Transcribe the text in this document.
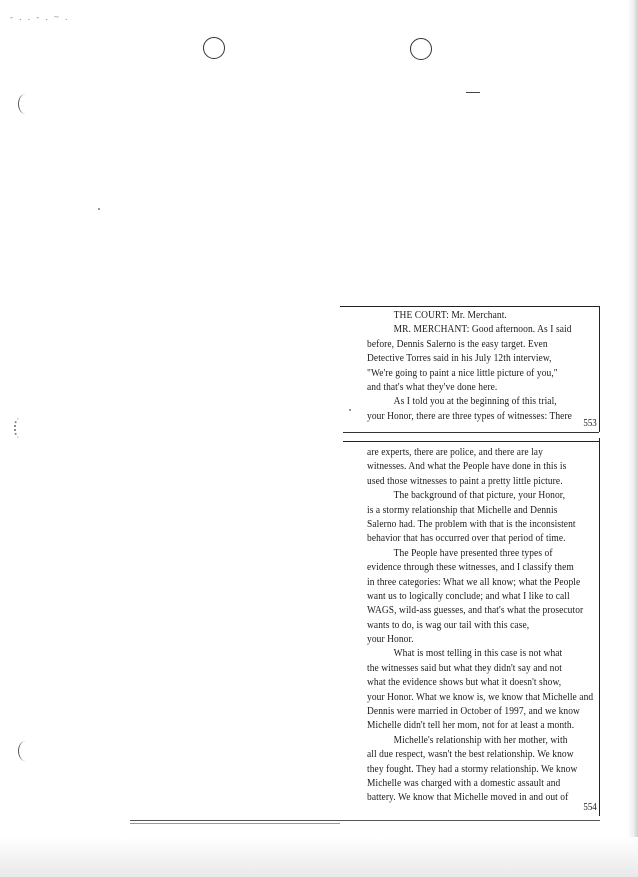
- . . - . ~ .
THE COURT: Mr. Merchant.
MR. MERCHANT: Good afternoon. As I said
before, Dennis Salerno is the easy target. Even
Detective Torres said in his July 12th interview,
"We're going to paint a nice little picture of you,"
and that's what they've done here.
As I told you at the beginning of this trial,
your Honor, there are three types of witnesses: There
553
are experts, there are police, and there are lay
witnesses. And what the People have done in this is
used those witnesses to paint a pretty little picture.
The background of that picture, your Honor,
is a stormy relationship that Michelle and Dennis
Salerno had. The problem with that is the inconsistent
behavior that has occurred over that period of time.
The People have presented three types of
evidence through these witnesses, and I classify them
in three categories: What we all know; what the People
want us to logically conclude; and what I like to call
WAGS, wild-ass guesses, and that's what the prosecutor
wants to do, is wag our tail with this case,
your Honor.
What is most telling in this case is not what
the witnesses said but what they didn't say and not
what the evidence shows but what it doesn't show,
your Honor. What we know is, we know that Michelle and
Dennis were married in October of 1997, and we know
Michelle didn't tell her mom, not for at least a month.
Michelle's relationship with her mother, with
all due respect, wasn't the best relationship. We know
they fought. They had a stormy relationship. We know
Michelle was charged with a domestic assault and
battery. We know that Michelle moved in and out of
554
